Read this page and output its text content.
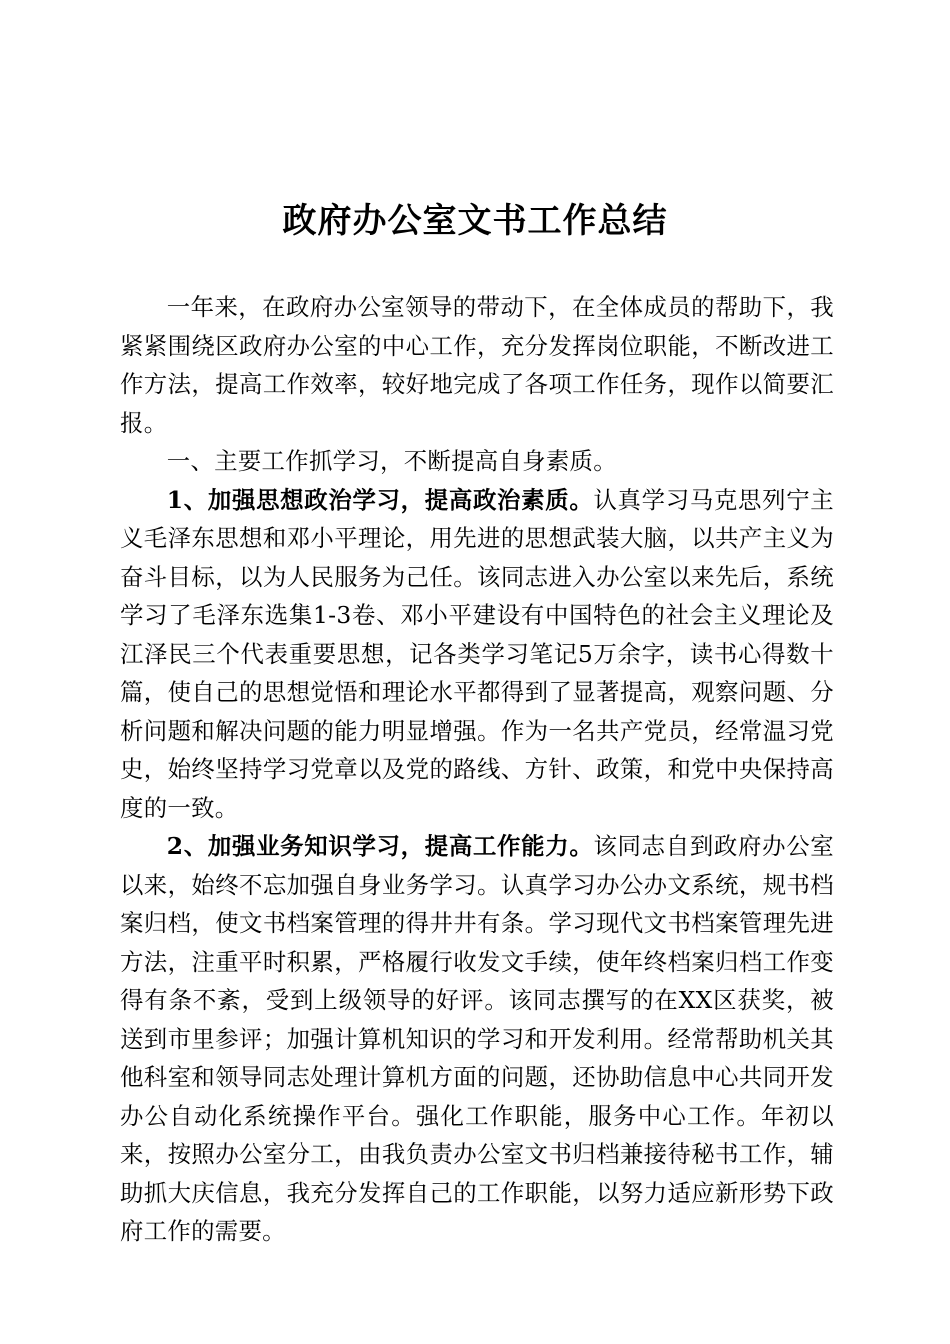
政府办公室文书工作总结

一年来，在政府办公室领导的带动下，在全体成员的帮助下，我紧紧围绕区政府办公室的中心工作，充分发挥岗位职能，不断改进工作方法，提高工作效率，较好地完成了各项工作任务，现作以简要汇报。

一、主要工作抓学习，不断提高自身素质。

1、加强思想政治学习，提高政治素质。认真学习马克思列宁主义毛泽东思想和邓小平理论，用先进的思想武装大脑，以共产主义为奋斗目标，以为人民服务为己任。该同志进入办公室以来先后，系统学习了毛泽东选集1-3卷、邓小平建设有中国特色的社会主义理论及江泽民三个代表重要思想，记各类学习笔记5万余字，读书心得数十篇，使自己的思想觉悟和理论水平都得到了显著提高，观察问题、分析问题和解决问题的能力明显增强。作为一名共产党员，经常温习党史，始终坚持学习党章以及党的路线、方针、政策，和党中央保持高度的一致。

2、加强业务知识学习，提高工作能力。该同志自到政府办公室以来，始终不忘加强自身业务学习。认真学习办公办文系统，规书档案归档，使文书档案管理的得井井有条。学习现代文书档案管理先进方法，注重平时积累，严格履行收发文手续，使年终档案归档工作变得有条不紊，受到上级领导的好评。该同志撰写的在XX区获奖，被送到市里参评；加强计算机知识的学习和开发利用。经常帮助机关其他科室和领导同志处理计算机方面的问题，还协助信息中心共同开发办公自动化系统操作平台。强化工作职能，服务中心工作。年初以来，按照办公室分工，由我负责办公室文书归档兼接待秘书工作，辅助抓大庆信息，我充分发挥自己的工作职能，以努力适应新形势下政府工作的需要。
